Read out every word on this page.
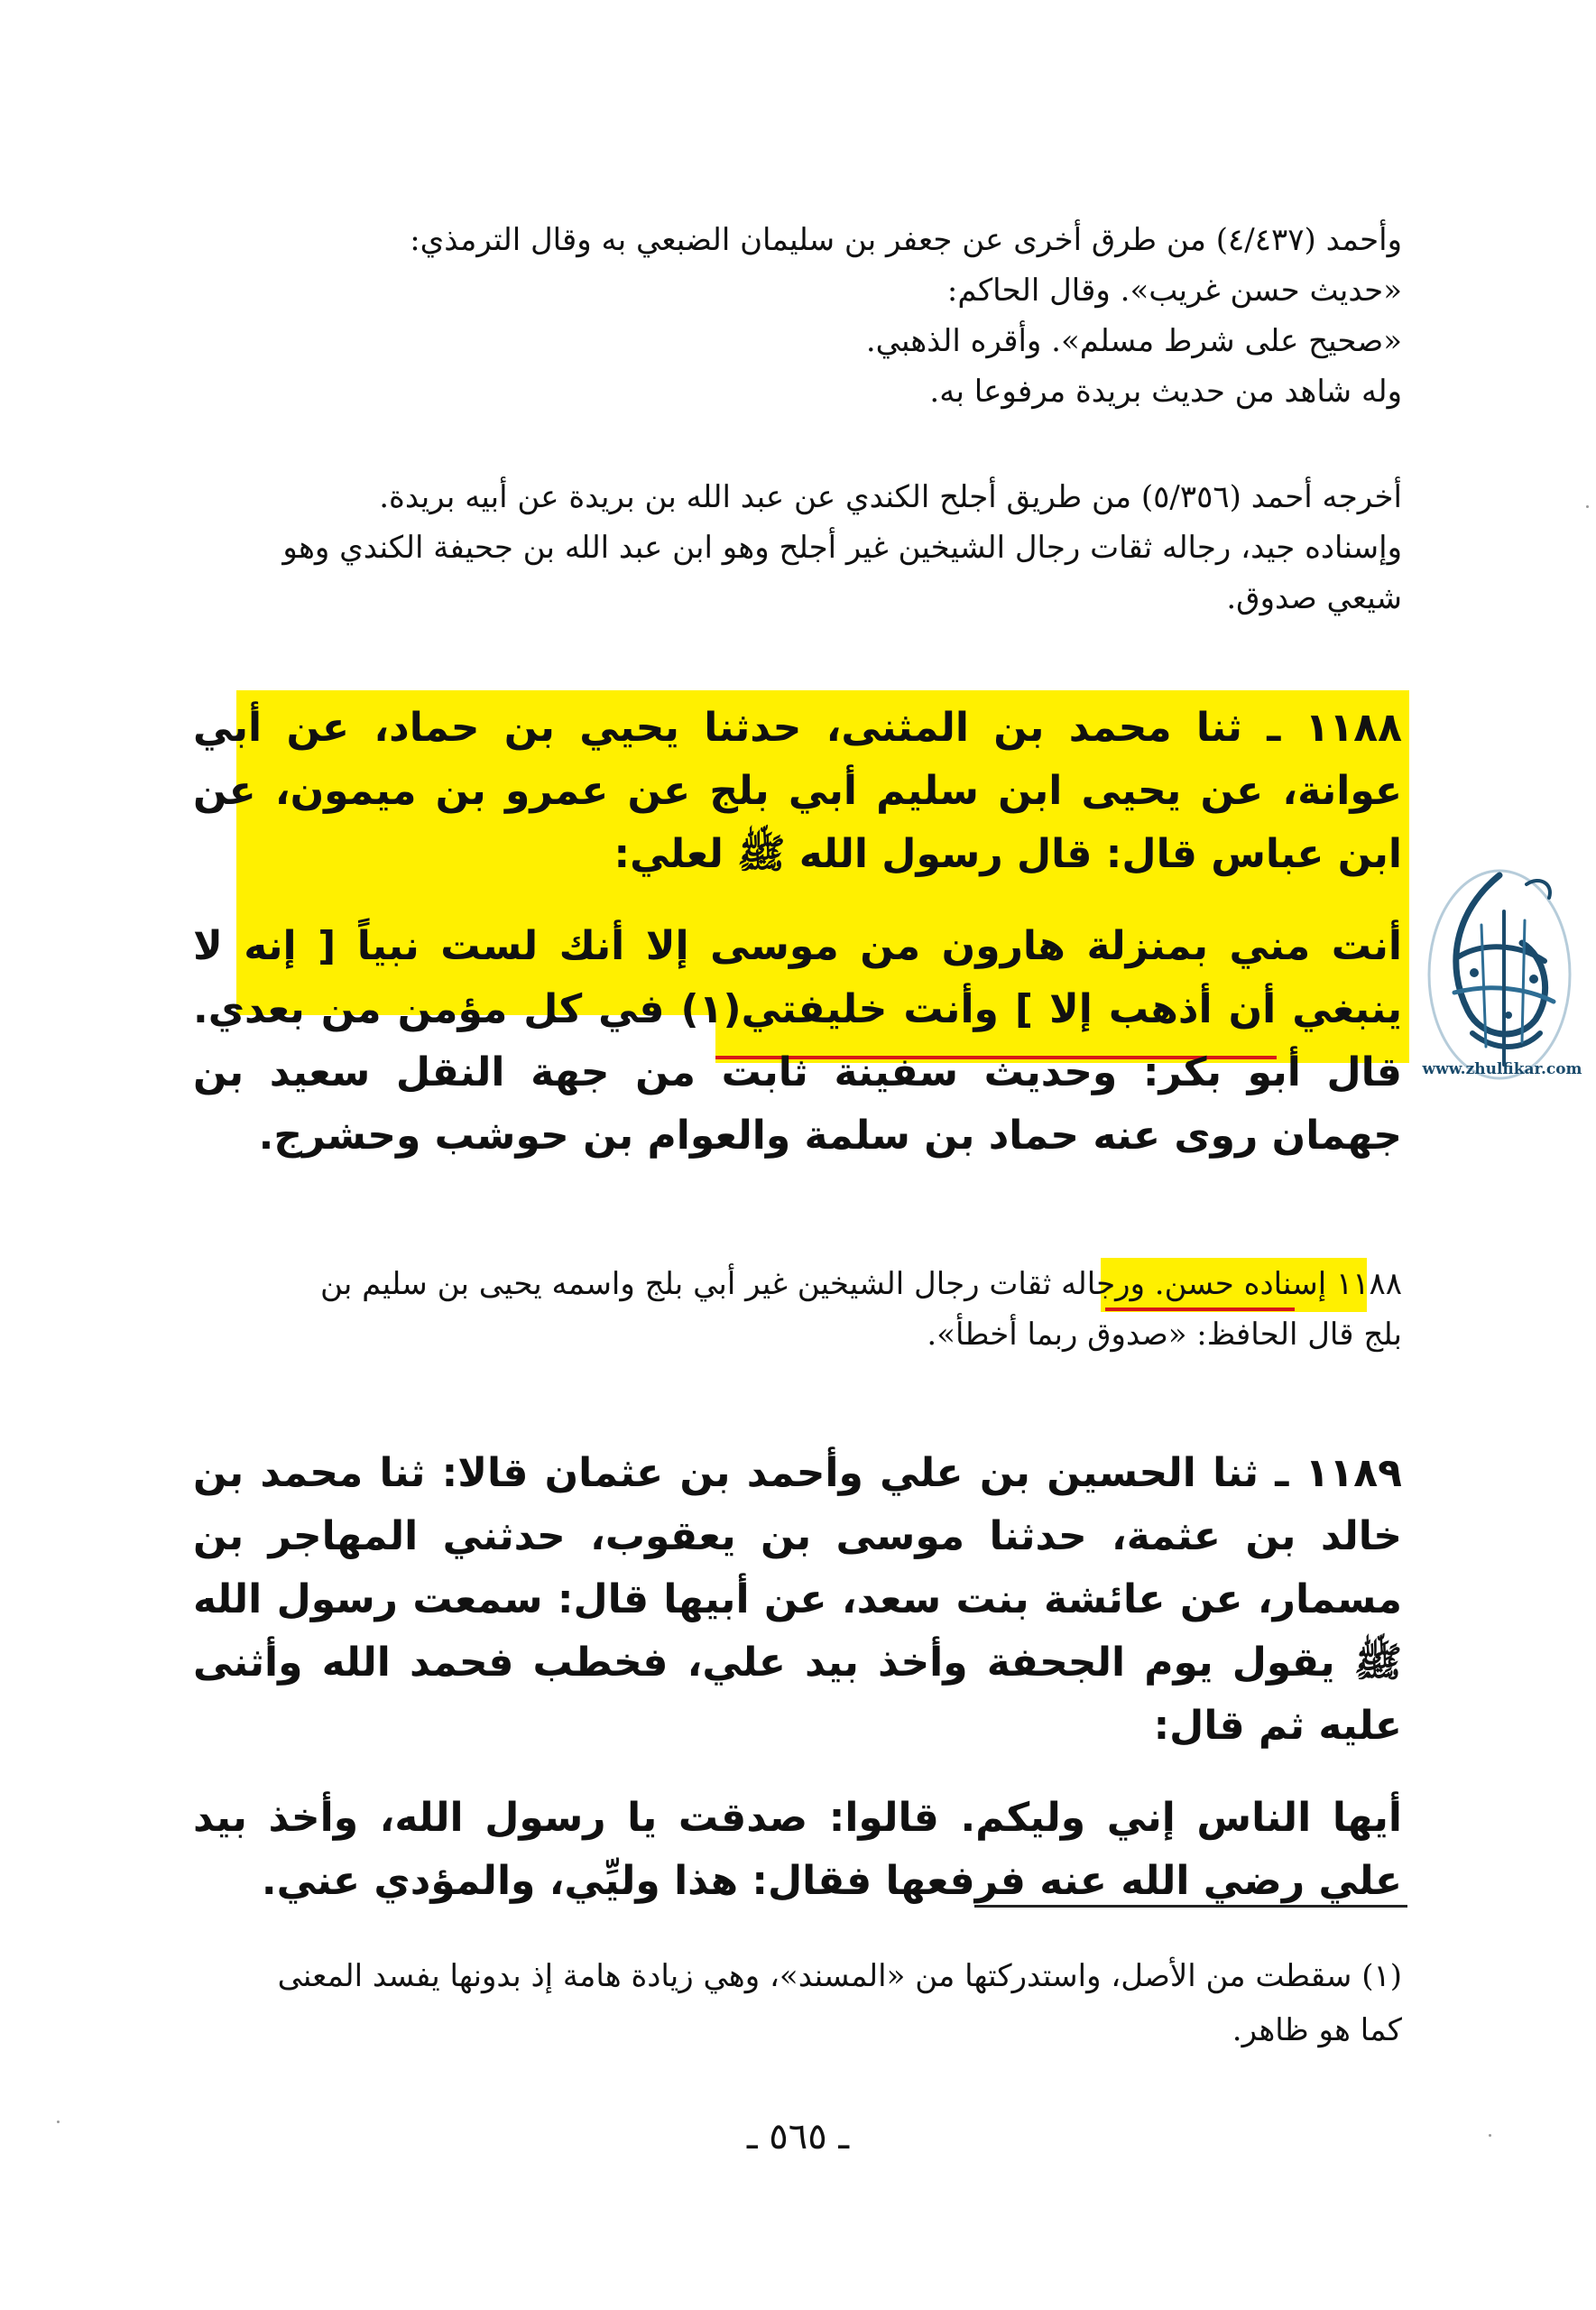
وأحمد (٤/٤٣٧) من طرق أخرى عن جعفر بن سليمان الضبعي به وقال الترمذي:

«حديث حسن غريب». وقال الحاكم:

«صحيح على شرط مسلم». وأقره الذهبي.

وله شاهد من حديث بريدة مرفوعا به.

أخرجه أحمد (٥/٣٥٦) من طريق أجلح الكندي عن عبد الله بن بريدة عن أبيه بريدة.

وإسناده جيد، رجاله ثقات رجال الشيخين غير أجلح وهو ابن عبد الله بن جحيفة الكندي وهو

شيعي صدوق.

١١٨٨ ـ ثنا محمد بن المثنى، حدثنا يحيي بن حماد، عن أبي عوانة، عن يحيى ابن سليم أبي بلج عن عمرو بن ميمون، عن ابن عباس قال: قال رسول الله ﷺ لعلي:

أنت مني بمنزلة هارون من موسى إلا أنك لست نبياً [ إنه لا ينبغي أن أذهب إلا ] وأنت خليفتي(١) في كل مؤمن من بعدي. قال أبو بكر: وحديث سفينة ثابت من جهة النقل سعيد بن جهمان روى عنه حماد بن سلمة والعوام بن حوشب وحشرج.

١١٨٨ إسناده حسن. ورجاله ثقات رجال الشيخين غير أبي بلج واسمه يحيى بن سليم بن

بلج قال الحافظ: «صدوق ربما أخطأ».

١١٨٩ ـ ثنا الحسين بن علي وأحمد بن عثمان قالا: ثنا محمد بن خالد بن عثمة، حدثنا موسى بن يعقوب، حدثني المهاجر بن مسمار، عن عائشة بنت سعد، عن أبيها قال: سمعت رسول الله ﷺ يقول يوم الجحفة وأخذ بيد علي، فخطب فحمد الله وأثنى عليه ثم قال:

أيها الناس إني وليكم. قالوا: صدقت يا رسول الله، وأخذ بيد علي رضي الله عنه فرفعها فقال: هذا وليِّي، والمؤدي عني.

(١) سقطت من الأصل، واستدركتها من «المسند»، وهي زيادة هامة إذ بدونها يفسد المعنى

كما هو ظاهر.

ـ ٥٦٥ ـ
www.zhulfikar.com
